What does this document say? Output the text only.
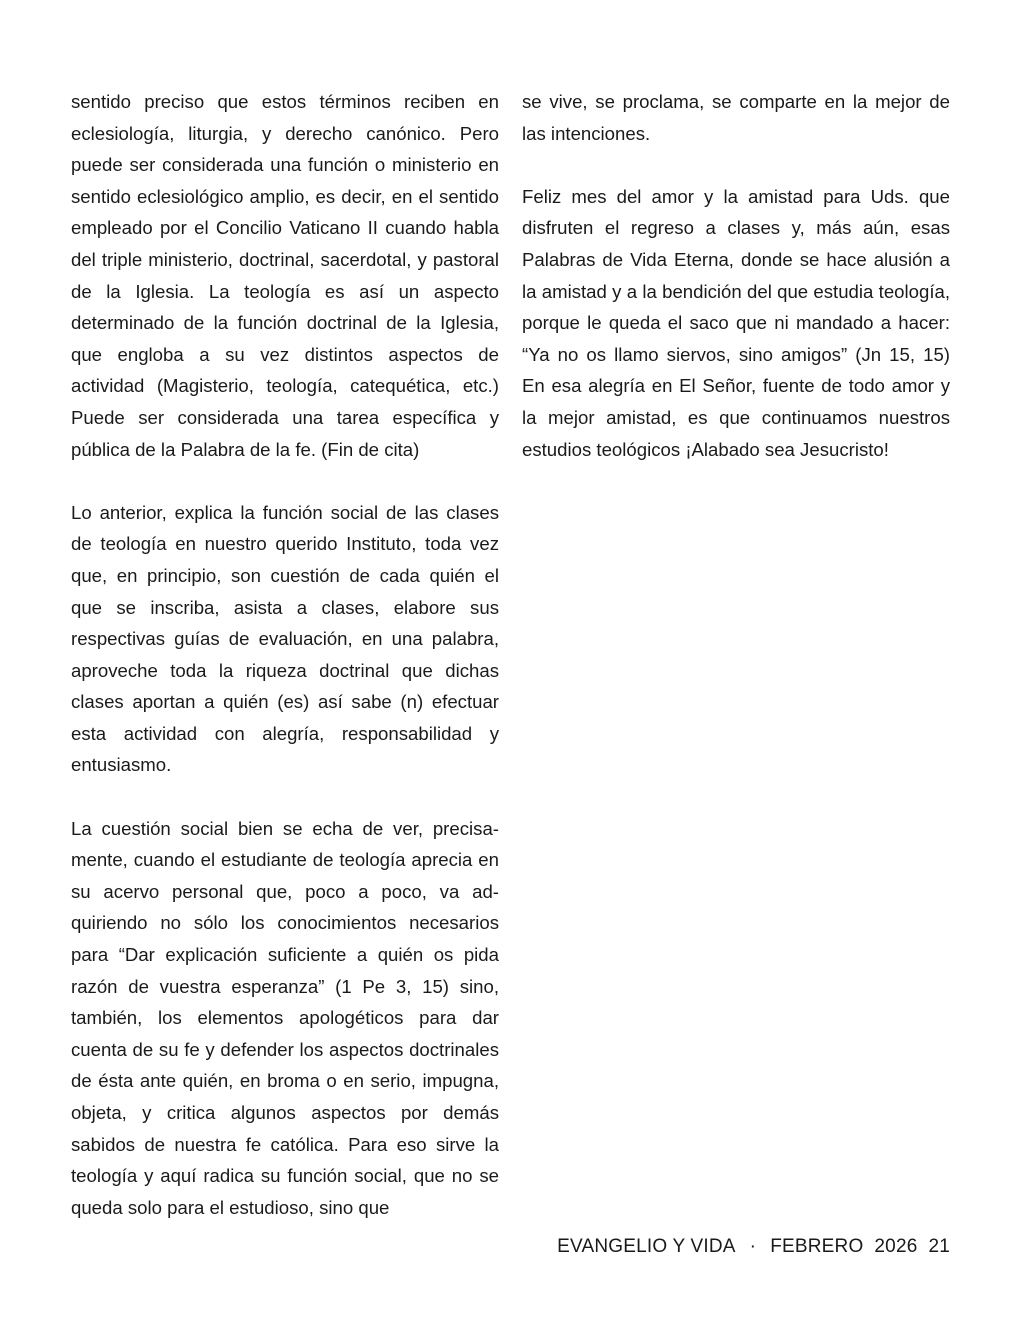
sentido preciso que estos términos reciben en eclesiología, liturgia, y derecho canónico. Pero puede ser considerada una función o ministerio en sentido eclesiológico amplio, es decir, en el sentido empleado por el Concilio Vaticano II cuando habla del triple ministerio, doctrinal, sacerdotal, y pastoral de la Iglesia. La teología es así un aspecto determinado de la función doctrinal de la Iglesia, que engloba a su vez distintos aspectos de actividad (Magisterio, teología, catequética, etc.) Puede ser considerada una tarea específica y pública de la Palabra de la fe. (Fin de cita)

Lo anterior, explica la función social de las clases de teología en nuestro querido Instituto, toda vez que, en principio, son cuestión de cada quién el que se inscriba, asista a clases, elabore sus respectivas guías de evaluación, en una palabra, aproveche toda la riqueza doctrinal que dichas clases aportan a quién (es) así sabe (n) efectuar esta actividad con alegría, responsabilidad y entusiasmo.

La cuestión social bien se echa de ver, precisamente, cuando el estudiante de teología aprecia en su acervo personal que, poco a poco, va adquiriendo no sólo los conocimientos necesarios para “Dar explicación suficiente a quién os pida razón de vuestra esperanza” (1 Pe 3, 15) sino, también, los elementos apologéticos para dar cuenta de su fe y defender los aspectos doctrinales de ésta ante quién, en broma o en serio, impugna, objeta, y critica algunos aspectos por demás sabidos de nuestra fe católica. Para eso sirve la teología y aquí radica su función social, que no se queda solo para el estudioso, sino que

se vive, se proclama, se comparte en la mejor de las intenciones.

Feliz mes del amor y la amistad para Uds. que disfruten el regreso a clases y, más aún, esas Palabras de Vida Eterna, donde se hace alusión a la amistad y a la bendición del que estudia teología, porque le queda el saco que ni mandado a hacer: “Ya no os llamo siervos, sino amigos” (Jn 15, 15) En esa alegría en El Señor, fuente de todo amor y la mejor amistad, es que continuamos nuestros estudios teológicos ¡Alabado sea Jesucristo!

EVANGELIO Y VIDA · FEBRERO  2026 21
